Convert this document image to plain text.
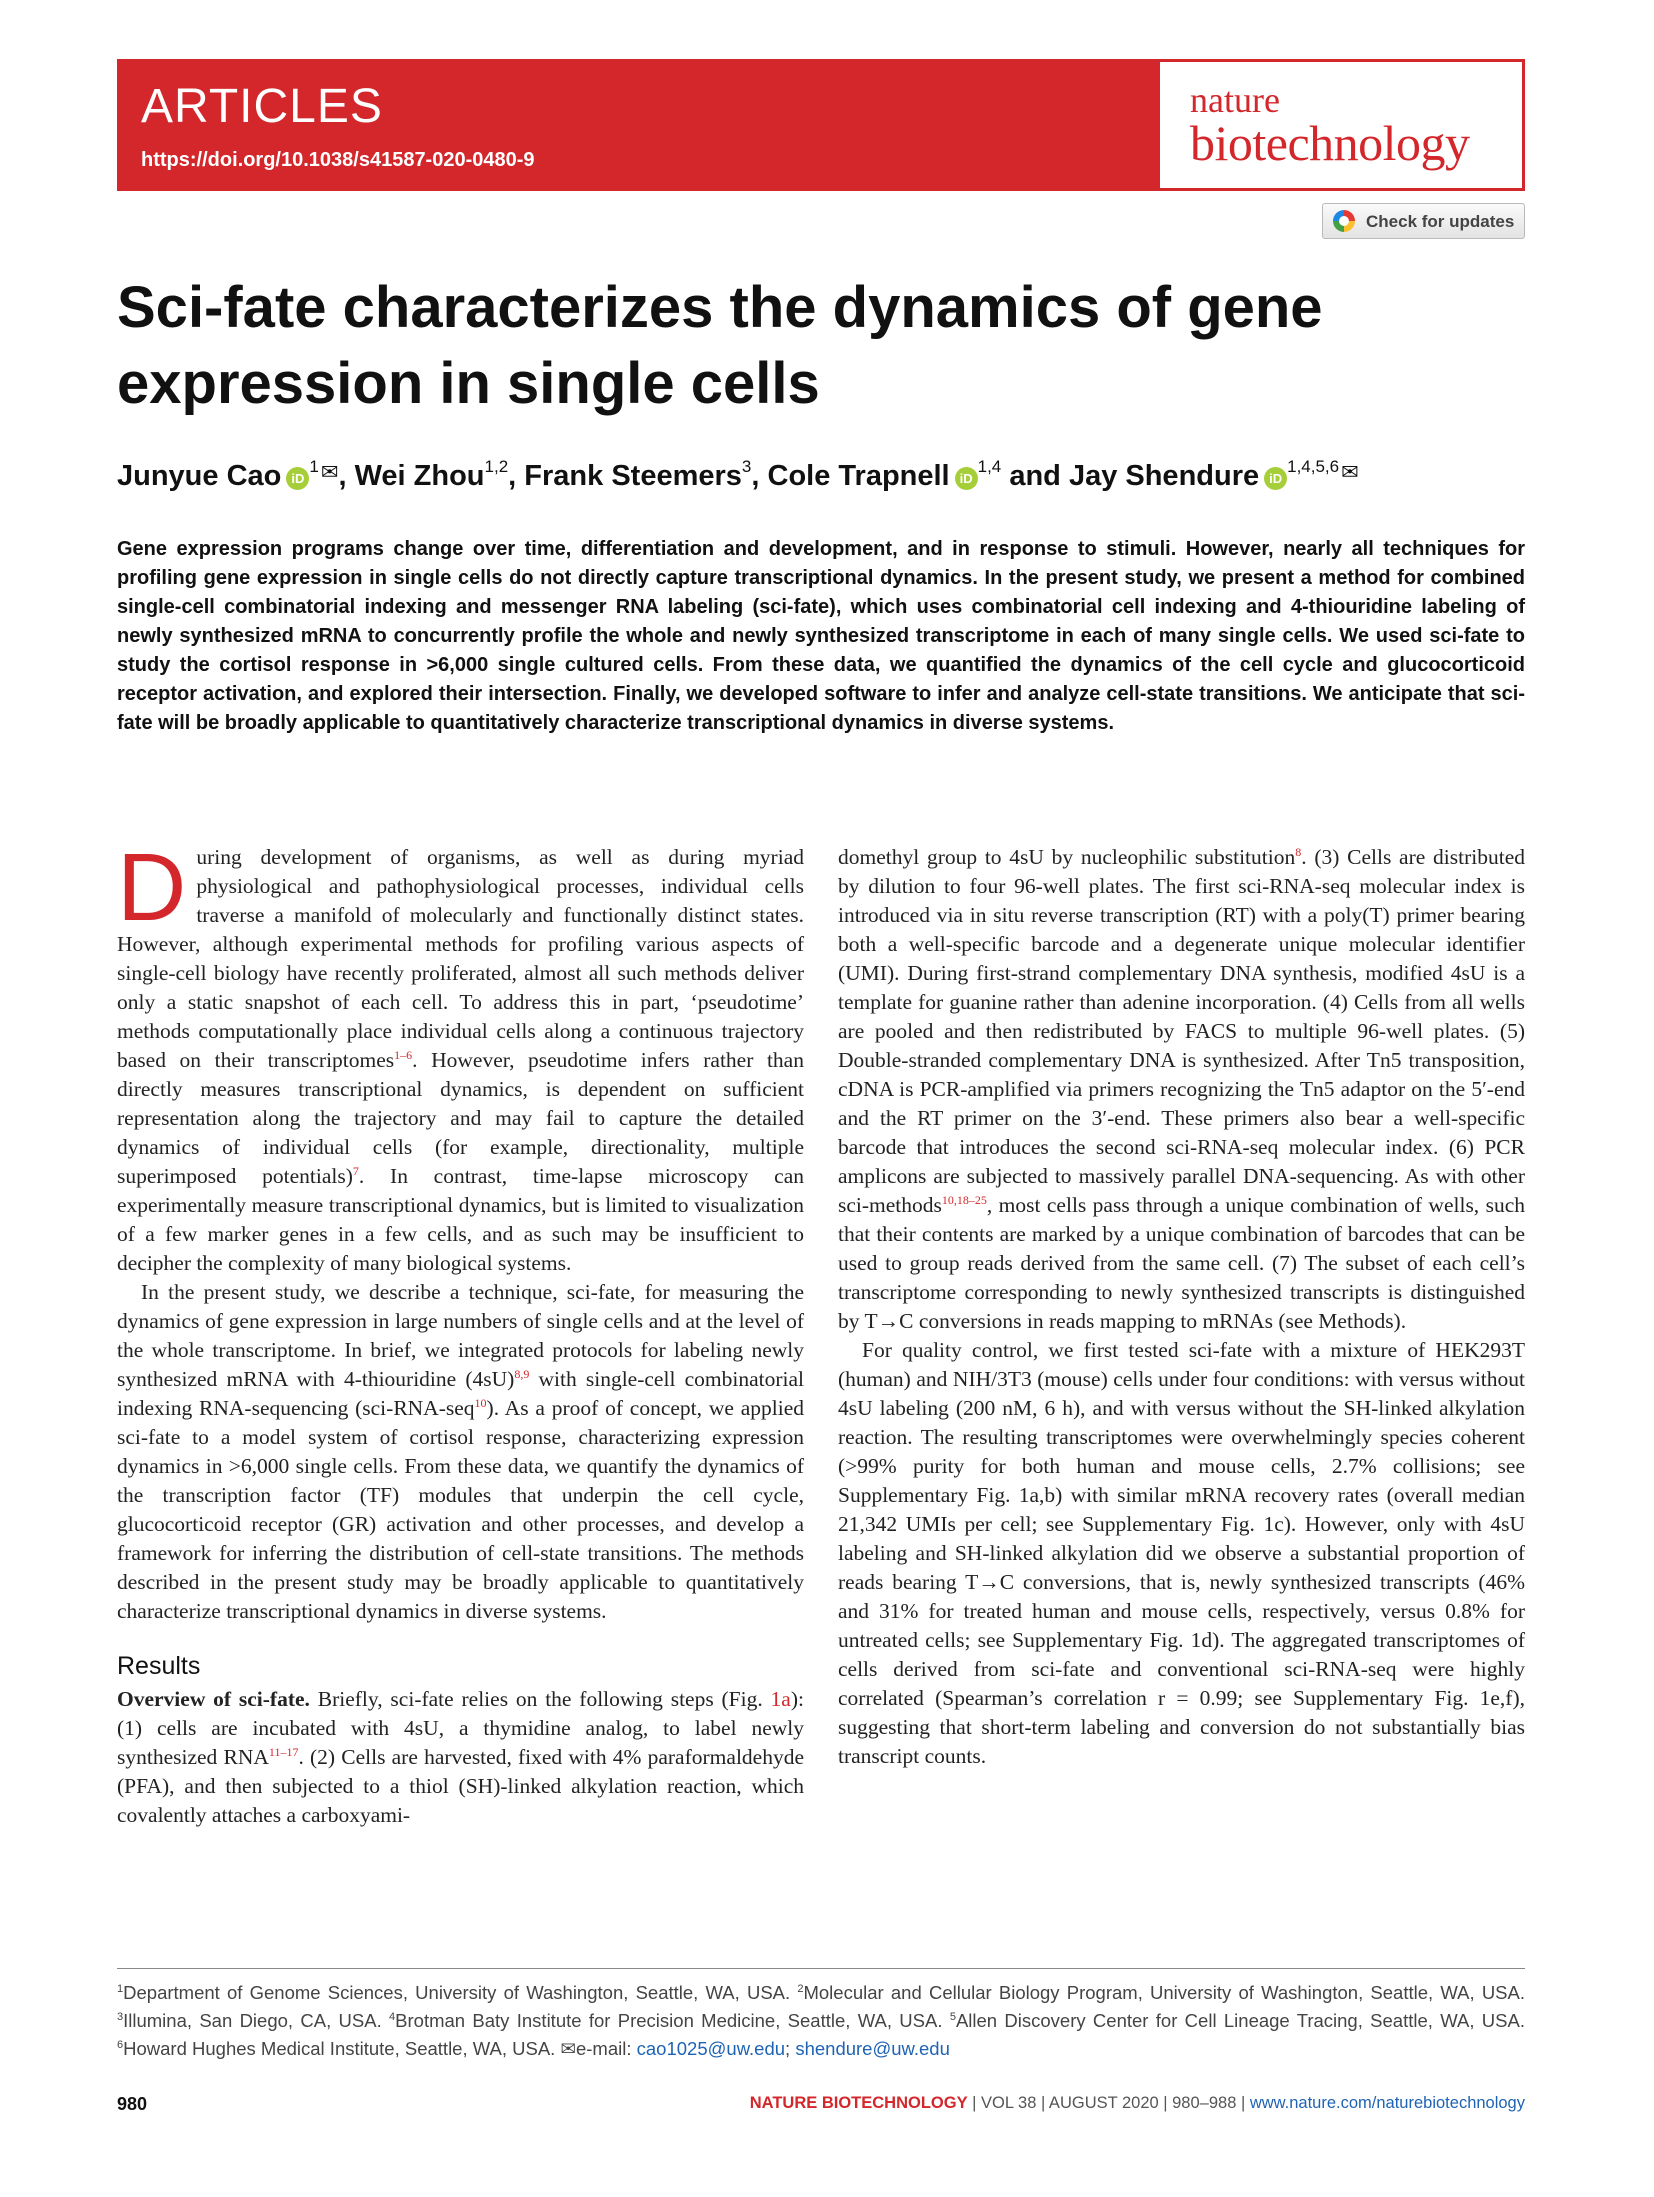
ARTICLES
https://doi.org/10.1038/s41587-020-0480-9
nature
biotechnology
Check for updates
Sci-fate characterizes the dynamics of gene expression in single cells
Junyue Cao $iD^1✉$, Wei Zhou$^{1,2}$, Frank Steemers$^3$, Cole Trapnell iD$^{1,4}$ and Jay Shendure iD$^{1,4,5,6}$✉

Gene expression programs change over time, differentiation and development, and in response to stimuli. However, nearly all techniques for profiling gene expression in single cells do not directly capture transcriptional dynamics. In the present study, we present a method for combined single-cell combinatorial indexing and messenger RNA labeling (sci-fate), which uses combinatorial cell indexing and 4-thiouridine labeling of newly synthesized mRNA to concurrently profile the whole and newly synthesized transcriptome in each of many single cells. We used sci-fate to study the cortisol response in >6,000 single cultured cells. From these data, we quantified the dynamics of the cell cycle and glucocorticoid receptor activation, and explored their intersection. Finally, we developed software to infer and analyze cell-state transitions. We anticipate that sci-fate will be broadly applicable to quantitatively characterize transcriptional dynamics in diverse systems.

During development of organisms, as well as during myriad physiological and pathophysiological processes, individual cells traverse a manifold of molecularly and functionally distinct states. However, although experimental methods for profiling various aspects of single-cell biology have recently proliferated, almost all such methods deliver only a static snapshot of each cell. To address this in part, ‘pseudotime’ methods computationally place individual cells along a continuous trajectory based on their transcriptomes$^{1-6}$. However, pseudotime infers rather than directly measures transcriptional dynamics, is dependent on sufficient representation along the trajectory and may fail to capture the detailed dynamics of individual cells (for example, directionality, multiple superimposed potentials)$^7$. In contrast, time-lapse microscopy can experimentally measure transcriptional dynamics, but is limited to visualization of a few marker genes in a few cells, and as such may be insufficient to decipher the complexity of many biological systems.

In the present study, we describe a technique, sci-fate, for measuring the dynamics of gene expression in large numbers of single cells and at the level of the whole transcriptome. In brief, we integrated protocols for labeling newly synthesized mRNA with 4-thiouridine $(4sU)^{8,9}$ with single-cell combinatorial indexing RNA-sequencing (sci-RNA-seq$^{10}$). As a proof of concept, we applied sci-fate to a model system of cortisol response, characterizing expression dynamics in >6,000 single cells. From these data, we quantify the dynamics of the transcription factor (TF) modules that underpin the cell cycle, glucocorticoid receptor (GR) activation and other processes, and develop a framework for inferring the distribution of cell-state transitions. The methods described in the present study may be broadly applicable to quantitatively characterize transcriptional dynamics in diverse systems.

Results

Overview of sci-fate. Briefly, sci-fate relies on the following steps (Fig. 1a): (1) cells are incubated with 4sU, a thymidine analog, to label newly synthesized RNA$^{11-17}$. (2) Cells are harvested, fixed with 4% paraformaldehyde (PFA), and then subjected to a thiol (SH)-linked alkylation reaction, which covalently attaches a carboxyami-

domethyl group to 4sU by nucleophilic substitution$^8$. (3) Cells are distributed by dilution to four 96-well plates. The first sci-RNA-seq molecular index is introduced via in situ reverse transcription (RT) with a poly(T) primer bearing both a well-specific barcode and a degenerate unique molecular identifier (UMI). During first-strand complementary DNA synthesis, modified 4sU is a template for guanine rather than adenine incorporation. (4) Cells from all wells are pooled and then redistributed by FACS to multiple 96-well plates. (5) Double-stranded complementary DNA is synthesized. After Tn5 transposition, cDNA is PCR-amplified via primers recognizing the Tn5 adaptor on the 5′-end and the RT primer on the 3′-end. These primers also bear a well-specific barcode that introduces the second sci-RNA-seq molecular index. (6) PCR amplicons are subjected to massively parallel DNA-sequencing. As with other sci-methods$^{10,18-25}$, most cells pass through a unique combination of wells, such that their contents are marked by a unique combination of barcodes that can be used to group reads derived from the same cell. (7) The subset of each cell’s transcriptome corresponding to newly synthesized transcripts is distinguished by T→C conversions in reads mapping to mRNAs (see Methods).

For quality control, we first tested sci-fate with a mixture of HEK293T (human) and NIH/3T3 (mouse) cells under four conditions: with versus without 4sU labeling (200 nM, 6 h), and with versus without the SH-linked alkylation reaction. The resulting transcriptomes were overwhelmingly species coherent (>99% purity for both human and mouse cells, 2.7% collisions; see Supplementary Fig. 1a,b) with similar mRNA recovery rates (overall median 21,342 UMIs per cell; see Supplementary Fig. 1c). However, only with 4sU labeling and SH-linked alkylation did we observe a substantial proportion of reads bearing T→C conversions, that is, newly synthesized transcripts (46% and 31% for treated human and mouse cells, respectively, versus 0.8% for untreated cells; see Supplementary Fig. 1d). The aggregated transcriptomes of cells derived from sci-fate and conventional sci-RNA-seq were highly correlated (Spearman’s correlation r = 0.99; see Supplementary Fig. 1e,f), suggesting that short-term labeling and conversion do not substantially bias transcript counts.

$^1$Department of Genome Sciences, University of Washington, Seattle, WA, USA. $^2$Molecular and Cellular Biology Program, University of Washington, Seattle, WA, USA. $^3$Illumina, San Diego, CA, USA. $^4$Brotman Baty Institute for Precision Medicine, Seattle, WA, USA. $^5$Allen Discovery Center for Cell Lineage Tracing, Seattle, WA, USA. $^6$Howard Hughes Medical Institute, Seattle, WA, USA. ✉e-mail: cao1025@uw.edu; shendure@uw.edu

980	NATURE BIOTECHNOLOGY | VOL 38 | AUGUST 2020 | 980–988 | www.nature.com/naturebiotechnology
